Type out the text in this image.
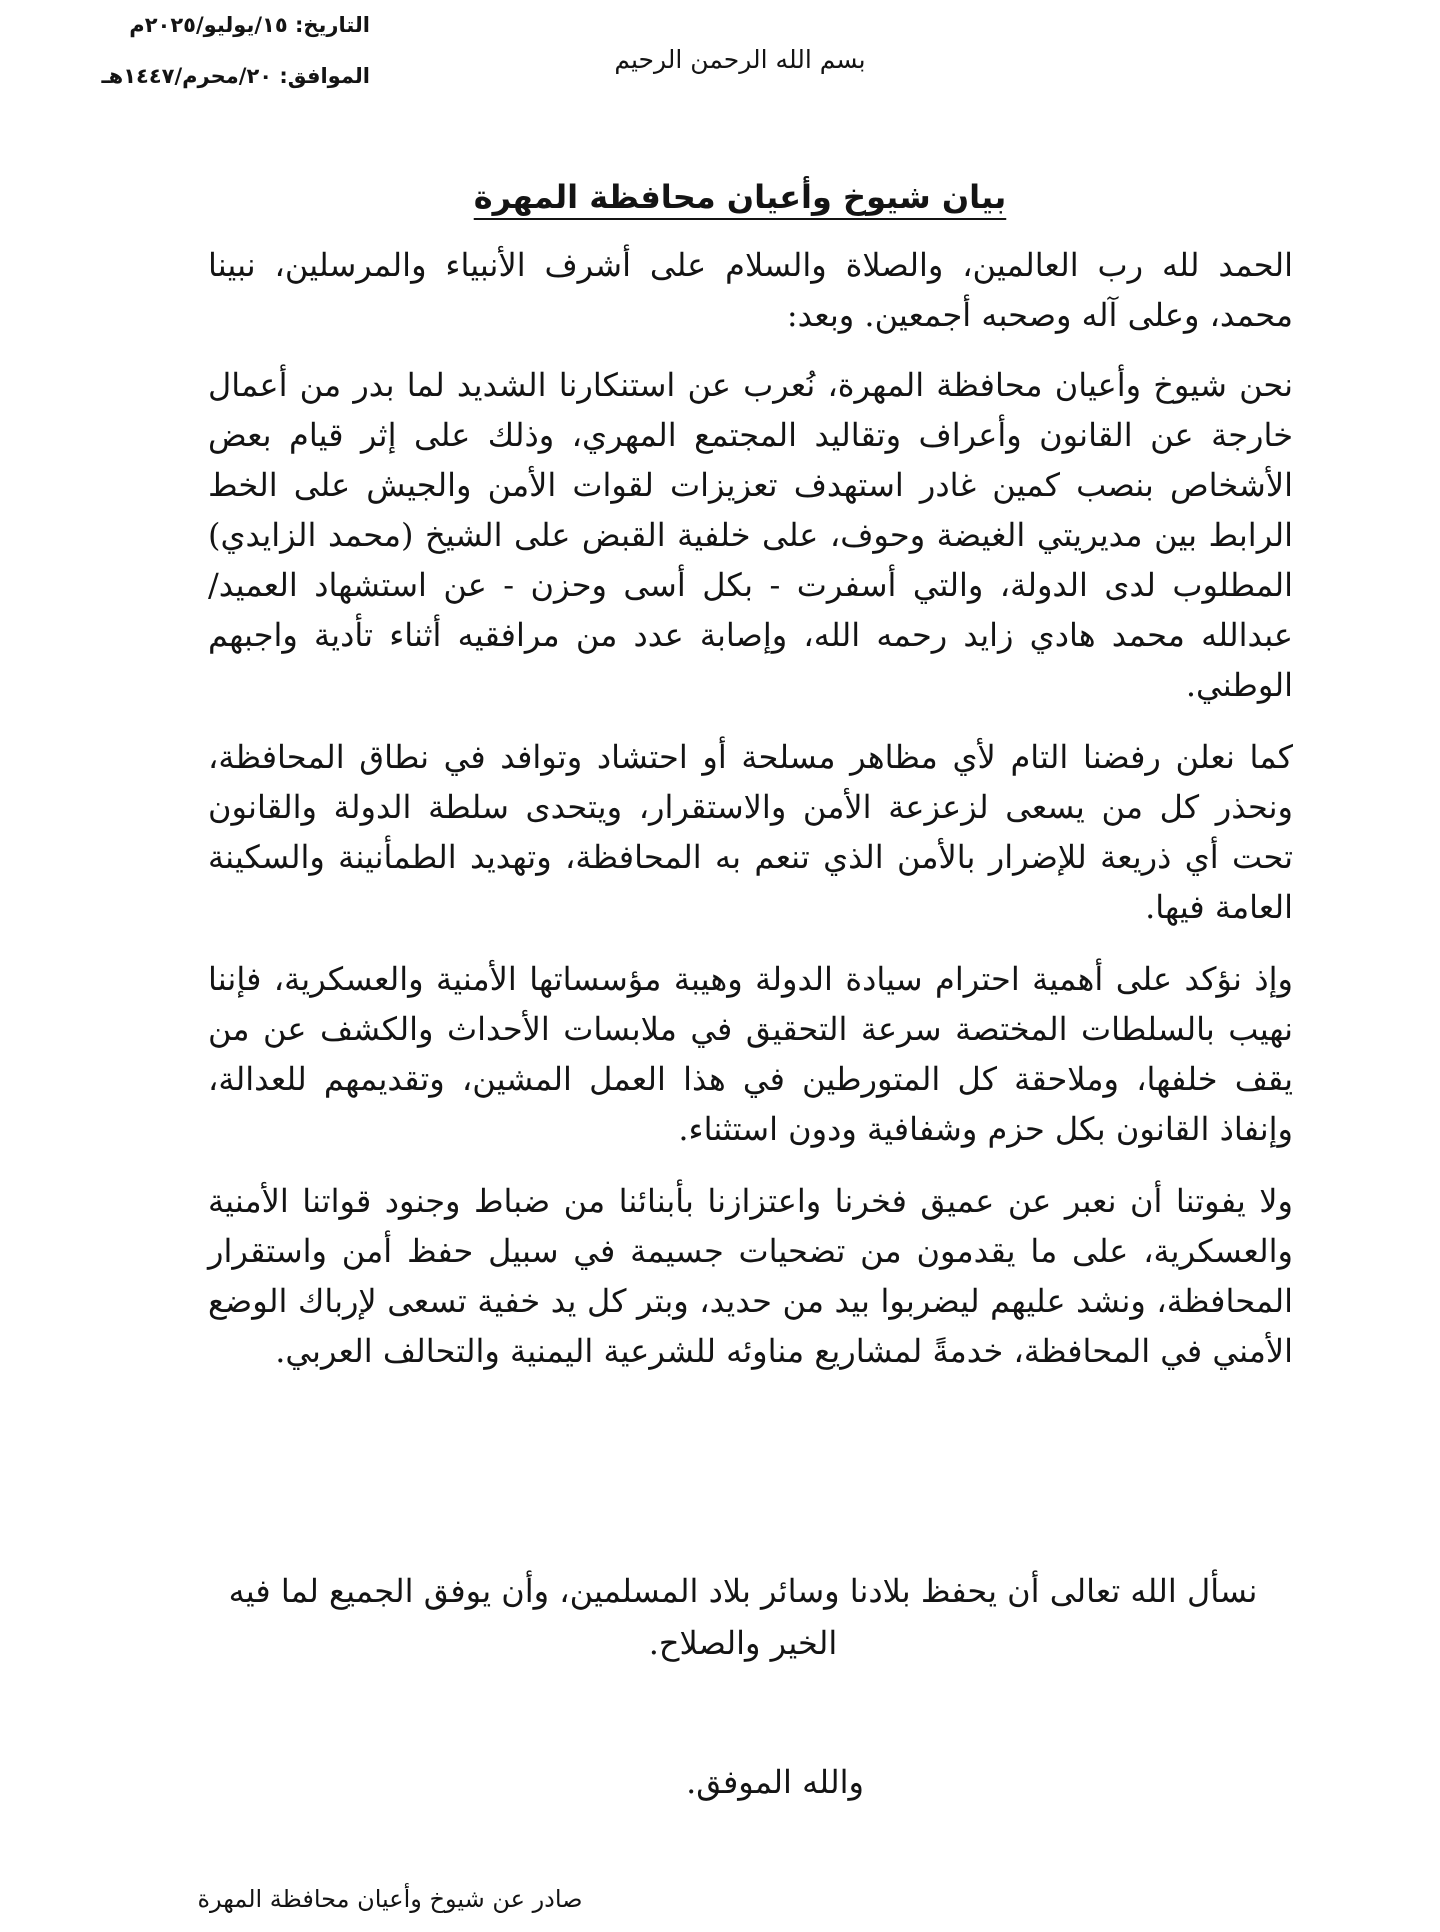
التاريخ: ١٥/يوليو/٢٠٢٥م
الموافق: ٢٠/محرم/١٤٤٧هـ
بسم الله الرحمن الرحيم
بيان شيوخ وأعيان محافظة المهرة

الحمد لله رب العالمين، والصلاة والسلام على أشرف الأنبياء والمرسلين، نبينا محمد، وعلى آله وصحبه أجمعين. وبعد:

نحن شيوخ وأعيان محافظة المهرة، نُعرب عن استنكارنا الشديد لما بدر من أعمال خارجة عن القانون وأعراف وتقاليد المجتمع المهري، وذلك على إثر قيام بعض الأشخاص بنصب كمين غادر استهدف تعزيزات لقوات الأمن والجيش على الخط الرابط بين مديريتي الغيضة وحوف، على خلفية القبض على الشيخ (محمد الزايدي) المطلوب لدى الدولة، والتي أسفرت - بكل أسى وحزن - عن استشهاد العميد/ عبدالله محمد هادي زايد رحمه الله، وإصابة عدد من مرافقيه أثناء تأدية واجبهم الوطني.

كما نعلن رفضنا التام لأي مظاهر مسلحة أو احتشاد وتوافد في نطاق المحافظة، ونحذر كل من يسعى لزعزعة الأمن والاستقرار، ويتحدى سلطة الدولة والقانون تحت أي ذريعة للإضرار بالأمن الذي تنعم به المحافظة، وتهديد الطمأنينة والسكينة العامة فيها.

وإذ نؤكد على أهمية احترام سيادة الدولة وهيبة مؤسساتها الأمنية والعسكرية، فإننا نهيب بالسلطات المختصة سرعة التحقيق في ملابسات الأحداث والكشف عن من يقف خلفها، وملاحقة كل المتورطين في هذا العمل المشين، وتقديمهم للعدالة، وإنفاذ القانون بكل حزم وشفافية ودون استثناء.

ولا يفوتنا أن نعبر عن عميق فخرنا واعتزازنا بأبنائنا من ضباط وجنود قواتنا الأمنية والعسكرية، على ما يقدمون من تضحيات جسيمة في سبيل حفظ أمن واستقرار المحافظة، ونشد عليهم ليضربوا بيد من حديد، وبتر كل يد خفية تسعى لإرباك الوضع الأمني في المحافظة، خدمةً لمشاريع مناوئه للشرعية اليمنية والتحالف العربي.

نسأل الله تعالى أن يحفظ بلادنا وسائر بلاد المسلمين، وأن يوفق الجميع لما فيه الخير والصلاح.
والله الموفق.
صادر عن شيوخ وأعيان محافظة المهرة
